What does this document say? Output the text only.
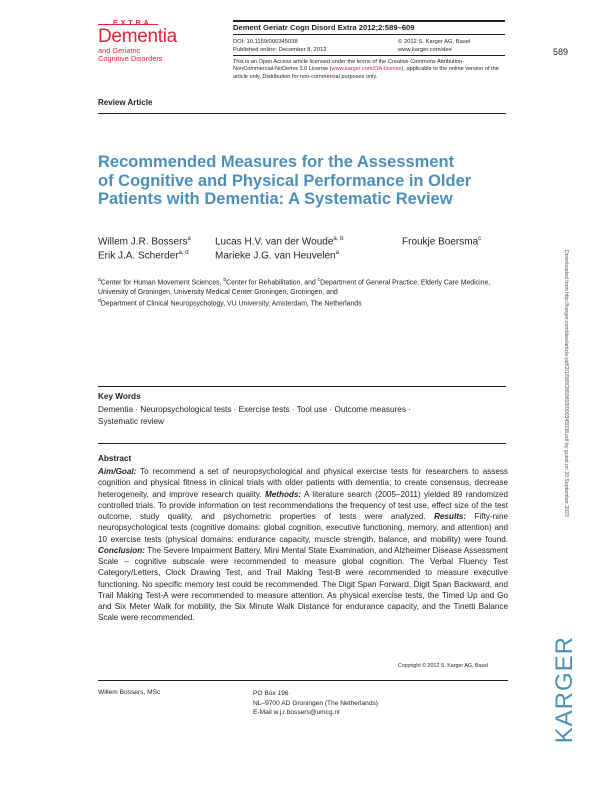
Dementia
and Geriatric
Cognitive Disorders
Dement Geriatr Cogn Disord Extra 2012;2:589–609
DOI: 10.1159/000345038
Published online: December 8, 2012
© 2012 S. Karger AG, Basel
www.karger.com/dee	589
This is an Open Access article licensed under the terms of the Creative Commons Attribution-NonCommercial-NoDerivs 3.0 License (www.karger.com/OA-license), applicable to the online version of the article only. Distribution for non-commercial purposes only.
Review Article
Recommended Measures for the Assessment
of Cognitive and Physical Performance in Older
Patients with Dementia: A Systematic Review
Willem J.R. Bossers$^a$ Lucas H.V. van der Woude$^{a, b}$	Froukje Boersma$^c$
Erik J.A. Scherder$^{a, d}$	Marieke J.G. van Heuvelen$^a$
$^a$Center for Human Movement Sciences, $^b$Center for Rehabilitation, and $^c$Department of General Practice, Elderly Care Medicine, University of Groningen, University Medical Center Groningen, Groningen, and
$^d$Department of Clinical Neuropsychology, VU University, Amsterdam, The Netherlands
Key Words
Dementia · Neuropsychological tests · Exercise tests · Tool use · Outcome measures ·
Systematic review
Abstract
Aim/Goal: To recommend a set of neuropsychological and physical exercise tests for researchers to assess cognition and physical fitness in clinical trials with older patients with dementia; to create consensus, decrease heterogeneity, and improve research quality. Methods: A literature search (2005–2011) yielded 89 randomized controlled trials. To provide information on test recommendations the frequency of test use, effect size of the test outcome, study quality, and psychometric properties of tests were analyzed. Results: Fifty-nine neuropsychological tests (cognitive domains: global cognition, executive functioning, memory, and attention) and 10 exercise tests (physical domains: endurance capacity, muscle strength, balance, and mobility) were found. Conclusion: The Severe Impairment Battery, Mini Mental State Examination, and Alzheimer Disease Assessment Scale – cognitive subscale were recommended to measure global cognition. The Verbal Fluency Test Category/Letters, Clock Drawing Test, and Trail Making Test-B were recommended to measure executive functioning. No specific memory test could be recommended. The Digit Span Forward, Digit Span Backward, and Trail Making Test-A were recommended to measure attention. As physical exercise tests, the Timed Up and Go and Six Meter Walk for mobility, the Six Minute Walk Distance for endurance capacity, and the Tinetti Balance Scale were recommended.
Copyright © 2012 S. Karger AG, Basel
Willem Bossers, MSc	PO Box 196
NL–9700 AD Groningen (The Netherlands)
E-Mail w.j.r.bossers@umcg.nl
Downloaded from http://karger.com/dee/article-pdf/2/1/589/2859803/000345038.pdf by guest on 20 September 2023
KARGER
